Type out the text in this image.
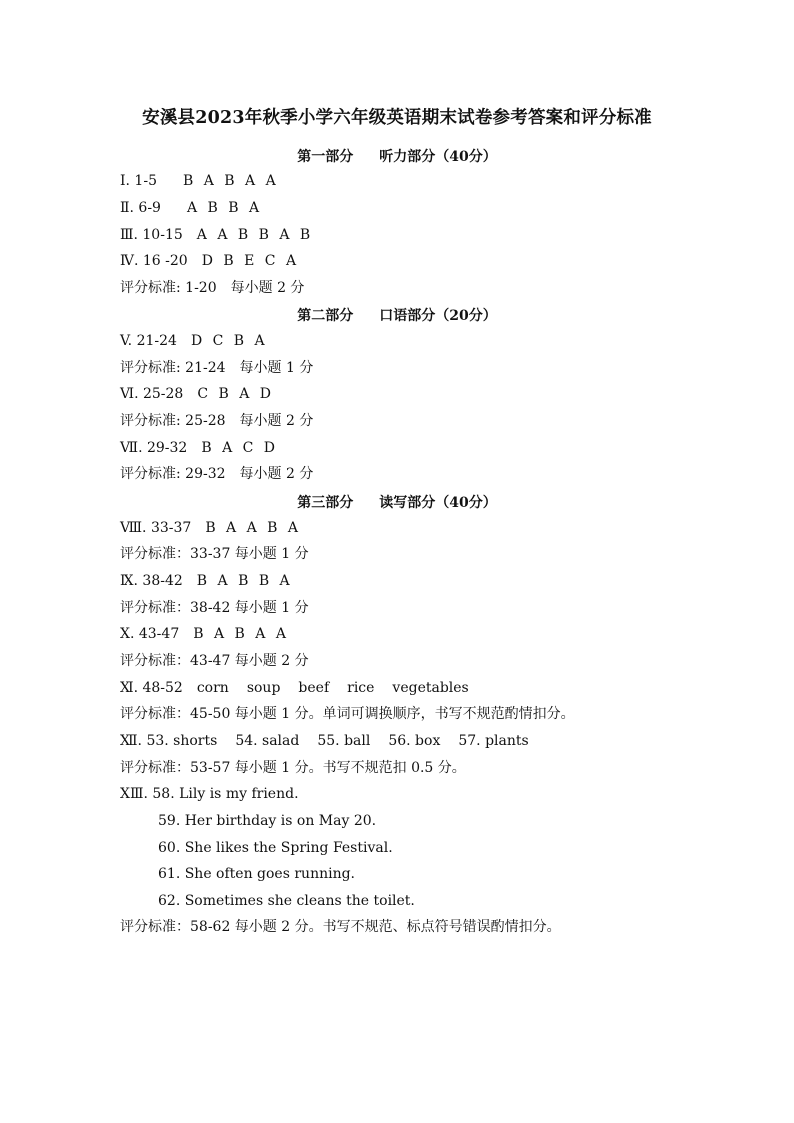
安溪县2023年秋季小学六年级英语期末试卷参考答案和评分标准
第一部分 听力部分（40分）
Ⅰ. 1-5 B A B A A
Ⅱ. 6-9 A B B A
Ⅲ. 10-15 A A B B A B
Ⅳ. 16 -20 D B E C A
评分标准: 1-20　每小题 2 分
第二部分 口语部分（20分）
V. 21-24 D C B A
评分标准: 21-24　每小题 1 分
Ⅵ. 25-28 C B A D
评分标准: 25-28　每小题 2 分
Ⅶ. 29-32 B A C D
评分标准: 29-32　每小题 2 分
第三部分 读写部分（40分）
Ⅷ. 33-37 B A A B A
评分标准：33-37 每小题 1 分
Ⅸ. 38-42 B A B B A
评分标准：38-42 每小题 1 分
Ⅹ. 43-47 B A B A A
评分标准：43-47 每小题 2 分
Ⅺ. 48-52 corn soup beef rice vegetables
评分标准：45-50 每小题 1 分。单词可调换顺序，书写不规范酌情扣分。
Ⅻ. 53. shorts 54. salad 55. ball 56. box 57. plants
评分标准：53-57 每小题 1 分。书写不规范扣 0.5 分。
ⅩⅢ. 58. Lily is my friend.
59. Her birthday is on May 20.
60. She likes the Spring Festival.
61. She often goes running.
62. Sometimes she cleans the toilet.
评分标准：58-62 每小题 2 分。书写不规范、标点符号错误酌情扣分。
